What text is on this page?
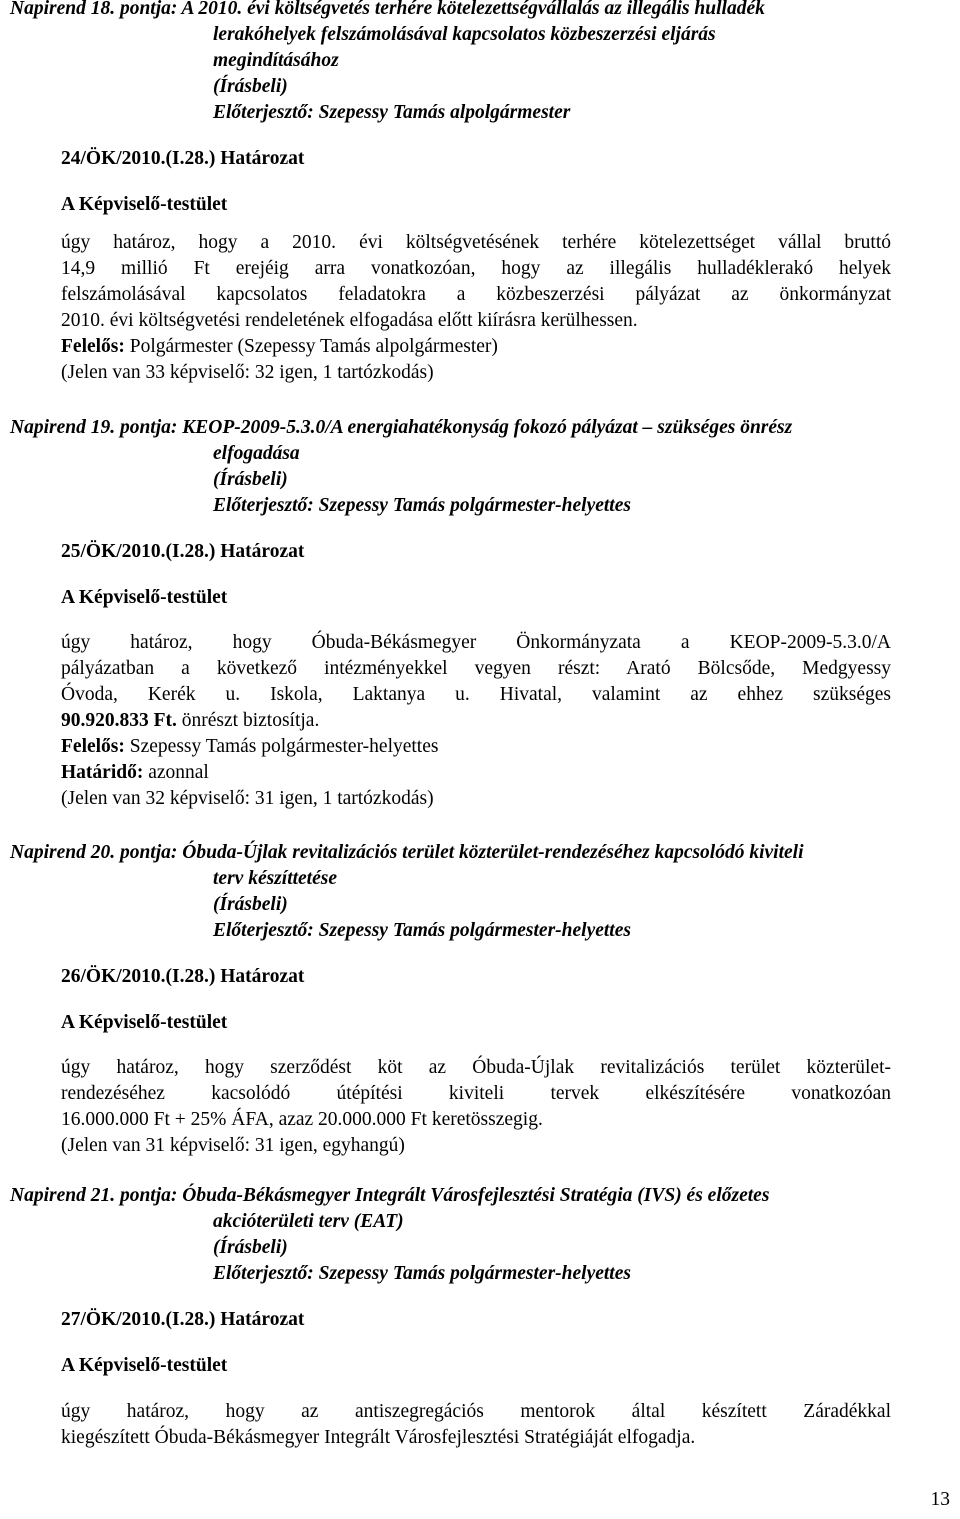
Napirend 18. pontja: A 2010. évi költségvetés terhére kötelezettségvállalás az illegális hulladék
lerakóhelyek felszámolásával kapcsolatos közbeszerzési eljárás
megindításához
(Írásbeli)
Előterjesztő: Szepessy Tamás alpolgármester
24/ÖK/2010.(I.28.) Határozat
A Képviselő-testület
úgy határoz, hogy a 2010. évi költségvetésének terhére kötelezettséget vállal bruttó
14,9 millió Ft erejéig arra vonatkozóan, hogy az illegális hulladéklerakó helyek
felszámolásával kapcsolatos feladatokra a közbeszerzési pályázat az önkormányzat
2010. évi költségvetési rendeletének elfogadása előtt kiírásra kerülhessen.
Felelős: Polgármester (Szepessy Tamás alpolgármester)
(Jelen van 33 képviselő: 32 igen, 1 tartózkodás)
Napirend 19. pontja: KEOP-2009-5.3.0/A energiahatékonyság fokozó pályázat – szükséges önrész
elfogadása
(Írásbeli)
Előterjesztő: Szepessy Tamás polgármester-helyettes
25/ÖK/2010.(I.28.) Határozat
A Képviselő-testület
úgy határoz, hogy Óbuda-Békásmegyer Önkormányzata a KEOP-2009-5.3.0/A
pályázatban a következő intézményekkel vegyen részt: Arató Bölcsőde, Medgyessy
Óvoda, Kerék u. Iskola, Laktanya u. Hivatal, valamint az ehhez szükséges
90.920.833 Ft. önrészt biztosítja.
Felelős: Szepessy Tamás polgármester-helyettes
Határidő: azonnal
(Jelen van 32 képviselő: 31 igen, 1 tartózkodás)
Napirend 20. pontja: Óbuda-Újlak revitalizációs terület közterület-rendezéséhez kapcsolódó kiviteli
terv készíttetése
(Írásbeli)
Előterjesztő: Szepessy Tamás polgármester-helyettes
26/ÖK/2010.(I.28.) Határozat
A Képviselő-testület
úgy határoz, hogy szerződést köt az Óbuda-Újlak revitalizációs terület közterület-
rendezéséhez kacsolódó útépítési kiviteli tervek elkészítésére vonatkozóan
16.000.000 Ft + 25% ÁFA, azaz 20.000.000 Ft keretösszegig.
(Jelen van 31 képviselő: 31 igen, egyhangú)
Napirend 21. pontja: Óbuda-Békásmegyer Integrált Városfejlesztési Stratégia (IVS) és előzetes
akcióterületi terv (EAT)
(Írásbeli)
Előterjesztő: Szepessy Tamás polgármester-helyettes
27/ÖK/2010.(I.28.) Határozat
A Képviselő-testület
úgy határoz, hogy az antiszegregációs mentorok által készített Záradékkal
kiegészített Óbuda-Békásmegyer Integrált Városfejlesztési Stratégiáját elfogadja.
13
